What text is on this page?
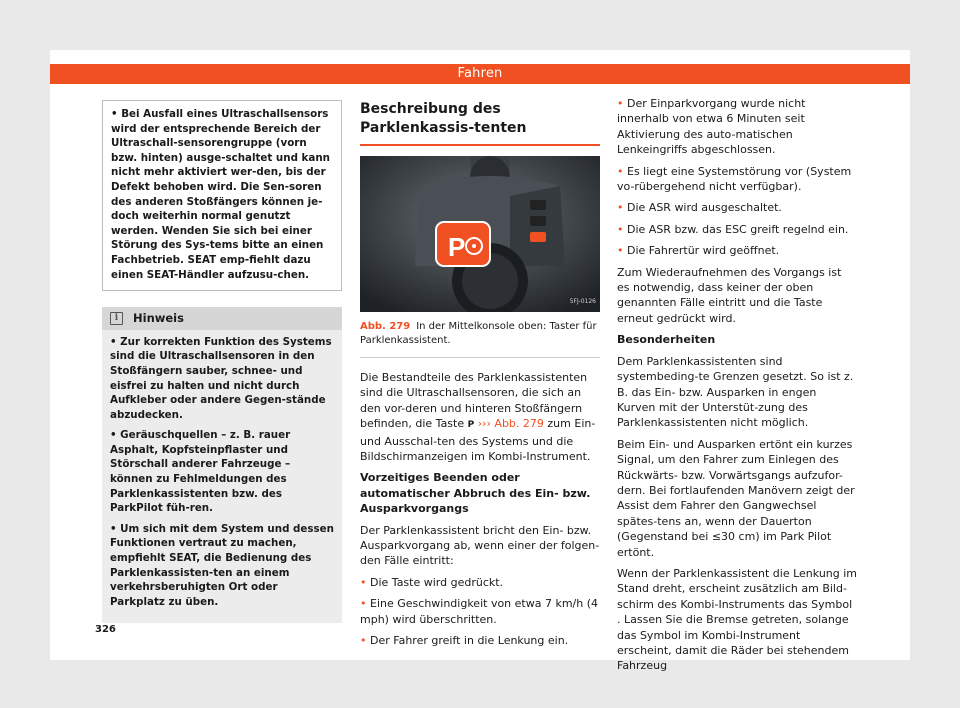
Fahren
• Bei Ausfall eines Ultraschallsensors wird der entsprechende Bereich der Ultraschall-sensorengruppe (vorn bzw. hinten) ausge-schaltet und kann nicht mehr aktiviert wer-den, bis der Defekt behoben wird. Die Sen-soren des anderen Stoßfängers können je-doch weiterhin normal genutzt werden. Wenden Sie sich bei einer Störung des Sys-tems bitte an einen Fachbetrieb. SEAT emp-fiehlt dazu einen SEAT-Händler aufzusu-chen.
i	Hinweis

• Zur korrekten Funktion des Systems sind die Ultraschallsensoren in den Stoßfängern sauber, schnee- und eisfrei zu halten und nicht durch Aufkleber oder andere Gegen-stände abzudecken.

• Geräuschquellen – z. B. rauer Asphalt, Kopfsteinpflaster und Störschall anderer Fahrzeuge – können zu Fehlmeldungen des Parklenkassistenten bzw. des ParkPilot füh-ren.

• Um sich mit dem System und dessen Funktionen vertraut zu machen, empfiehlt SEAT, die Bedienung des Parklenkassisten-ten an einem verkehrsberuhigten Ort oder Parkplatz zu üben.

Beschreibung des Parklenkassis-tenten
P
5FJ-0126
Abb. 279 In der Mittelkonsole oben: Taster für Parklenkassistent.

Die Bestandteile des Parklenkassistenten sind die Ultraschallsensoren, die sich an den vor-deren und hinteren Stoßfängern befinden, die Taste P ››› Abb. 279 zum Ein- und Ausschal-ten des Systems und die Bildschirmanzeigen im Kombi-Instrument.

Vorzeitiges Beenden oder automatischer Abbruch des Ein- bzw. Ausparkvorgangs

Der Parklenkassistent bricht den Ein- bzw. Ausparkvorgang ab, wenn einer der folgen-den Fälle eintritt:

• Die Taste wird gedrückt.

• Eine Geschwindigkeit von etwa 7 km/h (4 mph) wird überschritten.

• Der Fahrer greift in die Lenkung ein.

• Der Einparkvorgang wurde nicht innerhalb von etwa 6 Minuten seit Aktivierung des auto-matischen Lenkeingriffs abgeschlossen.

• Es liegt eine Systemstörung vor (System vo-rübergehend nicht verfügbar).

• Die ASR wird ausgeschaltet.

• Die ASR bzw. das ESC greift regelnd ein.

• Die Fahrertür wird geöffnet.

Zum Wiederaufnehmen des Vorgangs ist es notwendig, dass keiner der oben genannten Fälle eintritt und die Taste erneut gedrückt wird.

Besonderheiten

Dem Parklenkassistenten sind systembeding-te Grenzen gesetzt. So ist z. B. das Ein- bzw. Ausparken in engen Kurven mit der Unterstüt-zung des Parklenkassistenten nicht möglich.

Beim Ein- und Ausparken ertönt ein kurzes Signal, um den Fahrer zum Einlegen des Rückwärts- bzw. Vorwärtsgangs aufzufor-dern. Bei fortlaufenden Manövern zeigt der Assist dem Fahrer den Gangwechsel spätes-tens an, wenn der Dauerton (Gegenstand bei ≤30 cm) im Park Pilot ertönt.

Wenn der Parklenkassistent die Lenkung im Stand dreht, erscheint zusätzlich am Bild-schirm des Kombi-Instruments das Symbol . Lassen Sie die Bremse getreten, solange das Symbol im Kombi-Instrument erscheint, damit die Räder bei stehendem Fahrzeug

326
